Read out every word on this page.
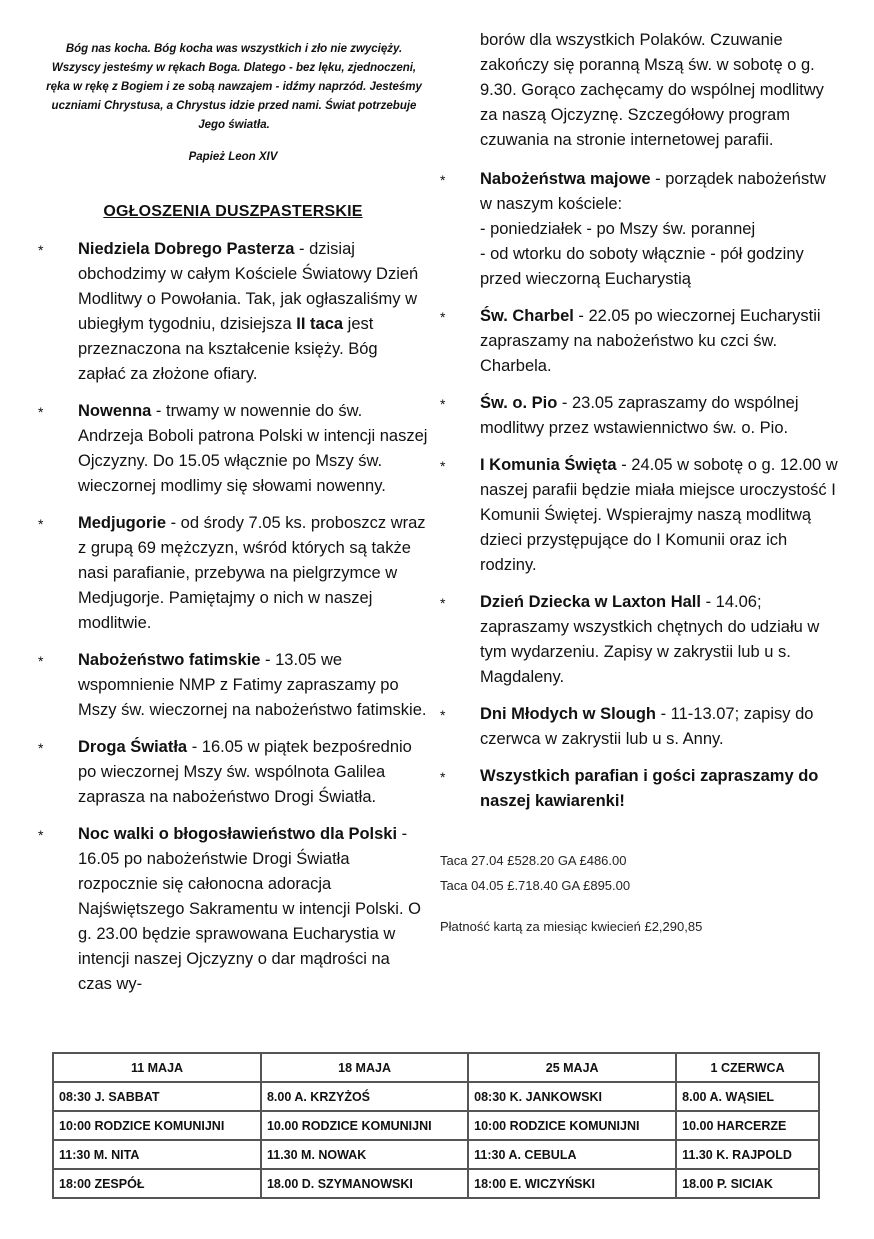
Bóg nas kocha. Bóg kocha was wszystkich i zło nie zwycięży. Wszyscy jesteśmy w rękach Boga. Dlatego - bez lęku, zjednoczeni, ręka w rękę z Bogiem i ze sobą nawzajem - idźmy naprzód. Jesteśmy uczniami Chrystusa, a Chrystus idzie przed nami. Świat potrzebuje Jego światła.
Papież Leon XIV
OGŁOSZENIA DUSZPASTERSKIE
* Niedziela Dobrego Pasterza - dzisiaj obchodzimy w całym Kościele Światowy Dzień Modlitwy o Powołania. Tak, jak ogłaszaliśmy w ubiegłym tygodniu, dzisiejsza II taca jest przeznaczona na kształcenie księży. Bóg zapłać za złożone ofiary.
* Nowenna - trwamy w nowennie do św. Andrzeja Boboli patrona Polski w intencji naszej Ojczyzny. Do 15.05 włącznie po Mszy św. wieczornej modlimy się słowami nowenny.
* Medjugorie - od środy 7.05 ks. proboszcz wraz z grupą 69 mężczyzn, wśród których są także nasi parafianie, przebywa na pielgrzymce w Medjugorje. Pamiętajmy o nich w naszej modlitwie.
* Nabożeństwo fatimskie - 13.05 we wspomnienie NMP z Fatimy zapraszamy po Mszy św. wieczornej na nabożeństwo fatimskie.
* Droga Światła - 16.05 w piątek bezpośrednio po wieczornej Mszy św. wspólnota Galilea zaprasza na nabożeństwo Drogi Światła.
* Noc walki o błogosławieństwo dla Polski - 16.05 po nabożeństwie Drogi Światła rozpocznie się całonocna adoracja Najświętszego Sakramentu w intencji Polski. O g. 23.00 będzie sprawowana Eucharystia w intencji naszej Ojczyzny o dar mądrości na czas wy-
borów dla wszystkich Polaków. Czuwanie zakończy się poranną Mszą św. w sobotę o g. 9.30. Gorąco zachęcamy do wspólnej modlitwy za naszą Ojczyznę. Szczegółowy program czuwania na stronie internetowej parafii.
* Nabożeństwa majowe - porządek nabożeństw w naszym kościele:
- poniedziałek - po Mszy św. porannej
- od wtorku do soboty włącznie - pół godziny przed wieczorną Eucharystią
* Św. Charbel - 22.05 po wieczornej Eucharystii zapraszamy na nabożeństwo ku czci św. Charbela.
* Św. o. Pio - 23.05 zapraszamy do wspólnej modlitwy przez wstawiennictwo św. o. Pio.
* I Komunia Święta - 24.05 w sobotę o g. 12.00 w naszej parafii będzie miała miejsce uroczystość I Komunii Świętej. Wspierajmy naszą modlitwą dzieci przystępujące do I Komunii oraz ich rodziny.
* Dzień Dziecka w Laxton Hall - 14.06; zapraszamy wszystkich chętnych do udziału w tym wydarzeniu. Zapisy w zakrystii lub u s. Magdaleny.
* Dni Młodych w Slough - 11-13.07; zapisy do czerwca w zakrystii lub u s. Anny.
* Wszystkich parafian i gości zapraszamy do naszej kawiarenki!
Taca 27.04 £528.20 GA £486.00
Taca 04.05 £.718.40 GA £895.00
Płatność kartą za miesiąc kwiecień £2,290,85
11 MAJA	18 MAJA	25 MAJA	1 CZERWCA
08:30 J. SABBAT	8.00 A. KRZYŻOŚ	08:30 K. JANKOWSKI	8.00 A. WĄSIEL
10:00 RODZICE KOMUNIJNI	10.00 RODZICE KOMUNIJNI	10:00 RODZICE KOMUNIJNI	10.00 HARCERZE
11:30 M. NITA	11.30 M. NOWAK	11:30 A. CEBULA	11.30 K. RAJPOLD
18:00 ZESPÓŁ	18.00 D. SZYMANOWSKI	18:00 E. WICZYŃSKI	18.00 P. SICIAK
